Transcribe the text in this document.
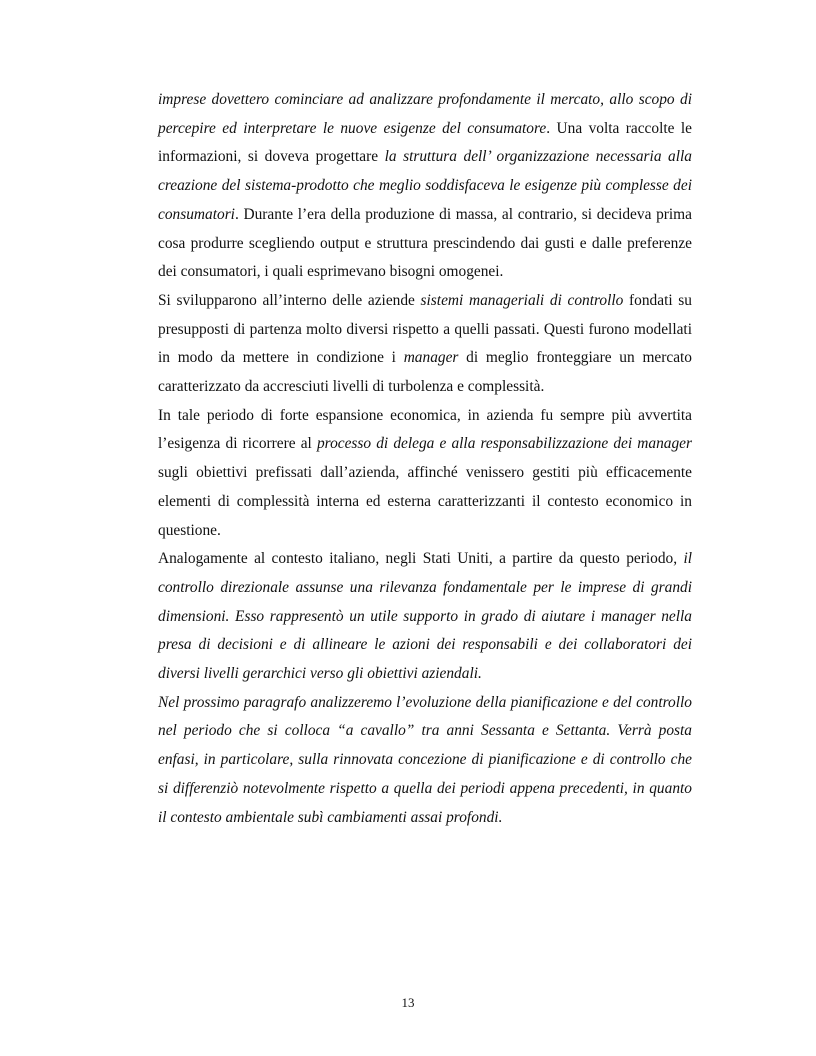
imprese dovettero cominciare ad analizzare profondamente il mercato, allo scopo di percepire ed interpretare le nuove esigenze del consumatore. Una volta raccolte le informazioni, si doveva progettare la struttura dell’ organizzazione necessaria alla creazione del sistema-prodotto che meglio soddisfaceva le esigenze più complesse dei consumatori. Durante l’era della produzione di massa, al contrario, si decideva prima cosa produrre scegliendo output e struttura prescindendo dai gusti e dalle preferenze dei consumatori, i quali esprimevano bisogni omogenei.

Si svilupparono all’interno delle aziende sistemi manageriali di controllo fondati su presupposti di partenza molto diversi rispetto a quelli passati. Questi furono modellati in modo da mettere in condizione i manager di meglio fronteggiare un mercato caratterizzato da accresciuti livelli di turbolenza e complessità.

In tale periodo di forte espansione economica, in azienda fu sempre più avvertita l’esigenza di ricorrere al processo di delega e alla responsabilizzazione dei manager sugli obiettivi prefissati dall’azienda, affinché venissero gestiti più efficacemente elementi di complessità interna ed esterna caratterizzanti il contesto economico in questione.

Analogamente al contesto italiano, negli Stati Uniti, a partire da questo periodo, il controllo direzionale assunse una rilevanza fondamentale per le imprese di grandi dimensioni. Esso rappresentò un utile supporto in grado di aiutare i manager nella presa di decisioni e di allineare le azioni dei responsabili e dei collaboratori dei diversi livelli gerarchici verso gli obiettivi aziendali.

Nel prossimo paragrafo analizzeremo l’evoluzione della pianificazione e del controllo nel periodo che si colloca “a cavallo” tra anni Sessanta e Settanta. Verrà posta enfasi, in particolare, sulla rinnovata concezione di pianificazione e di controllo che si differenziò notevolmente rispetto a quella dei periodi appena precedenti, in quanto il contesto ambientale subì cambiamenti assai profondi.

13
